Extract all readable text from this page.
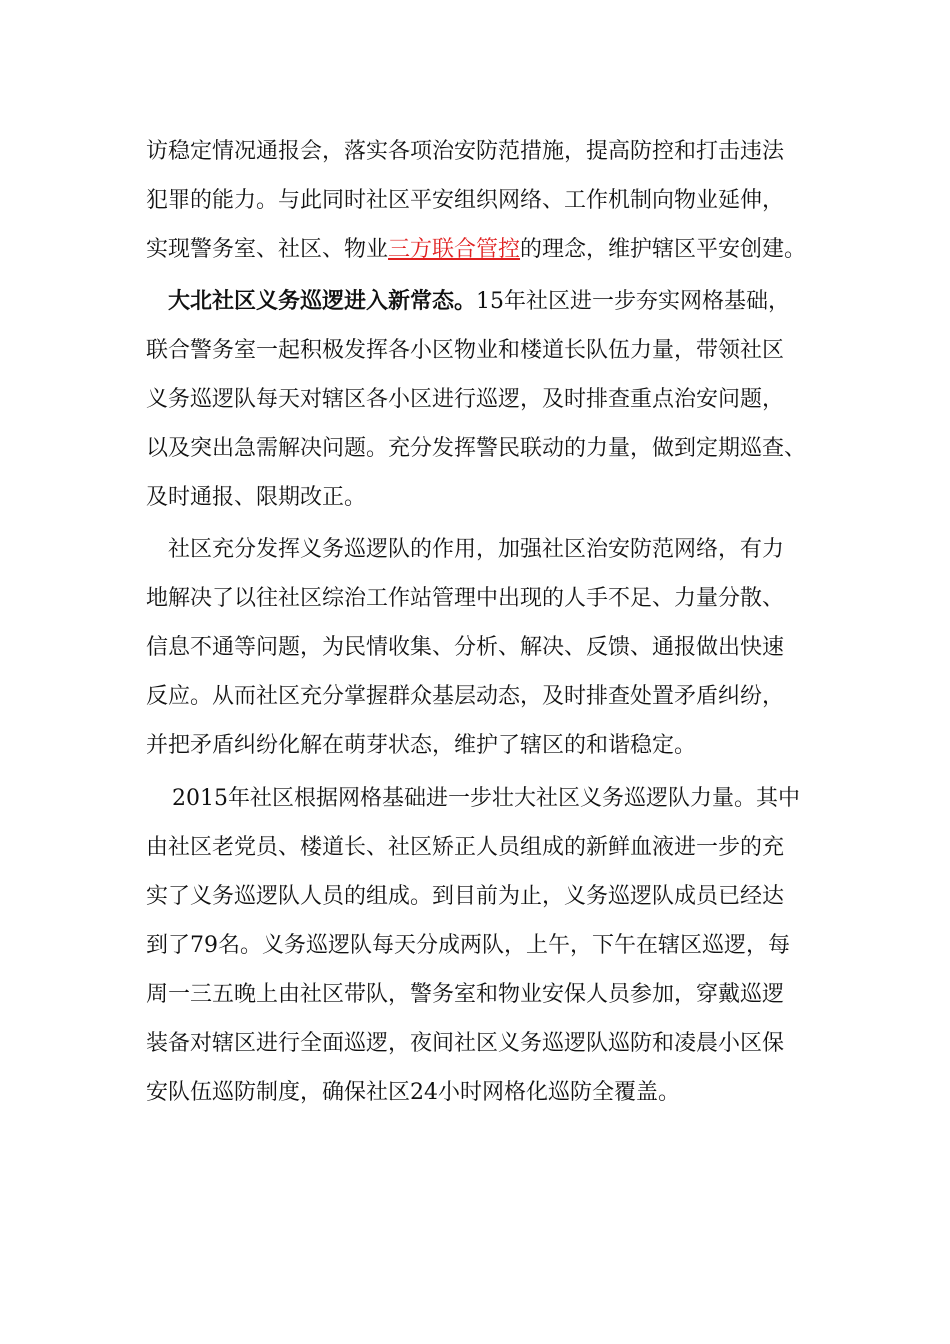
访稳定情况通报会，落实各项治安防范措施，提高防控和打击违法
犯罪的能力。与此同时社区平安组织网络、工作机制向物业延伸，
实现警务室、社区、物业三方联合管控的理念，维护辖区平安创建。
大北社区义务巡逻进入新常态。15年社区进一步夯实网格基础，
联合警务室一起积极发挥各小区物业和楼道长队伍力量，带领社区
义务巡逻队每天对辖区各小区进行巡逻，及时排查重点治安问题，
以及突出急需解决问题。充分发挥警民联动的力量，做到定期巡查、
及时通报、限期改正。
社区充分发挥义务巡逻队的作用，加强社区治安防范网络，有力
地解决了以往社区综治工作站管理中出现的人手不足、力量分散、
信息不通等问题，为民情收集、分析、解决、反馈、通报做出快速
反应。从而社区充分掌握群众基层动态，及时排查处置矛盾纠纷，
并把矛盾纠纷化解在萌芽状态，维护了辖区的和谐稳定。
2015年社区根据网格基础进一步壮大社区义务巡逻队力量。其中
由社区老党员、楼道长、社区矫正人员组成的新鲜血液进一步的充
实了义务巡逻队人员的组成。到目前为止，义务巡逻队成员已经达
到了79名。义务巡逻队每天分成两队，上午，下午在辖区巡逻，每
周一三五晚上由社区带队，警务室和物业安保人员参加，穿戴巡逻
装备对辖区进行全面巡逻，夜间社区义务巡逻队巡防和凌晨小区保
安队伍巡防制度，确保社区24小时网格化巡防全覆盖。
